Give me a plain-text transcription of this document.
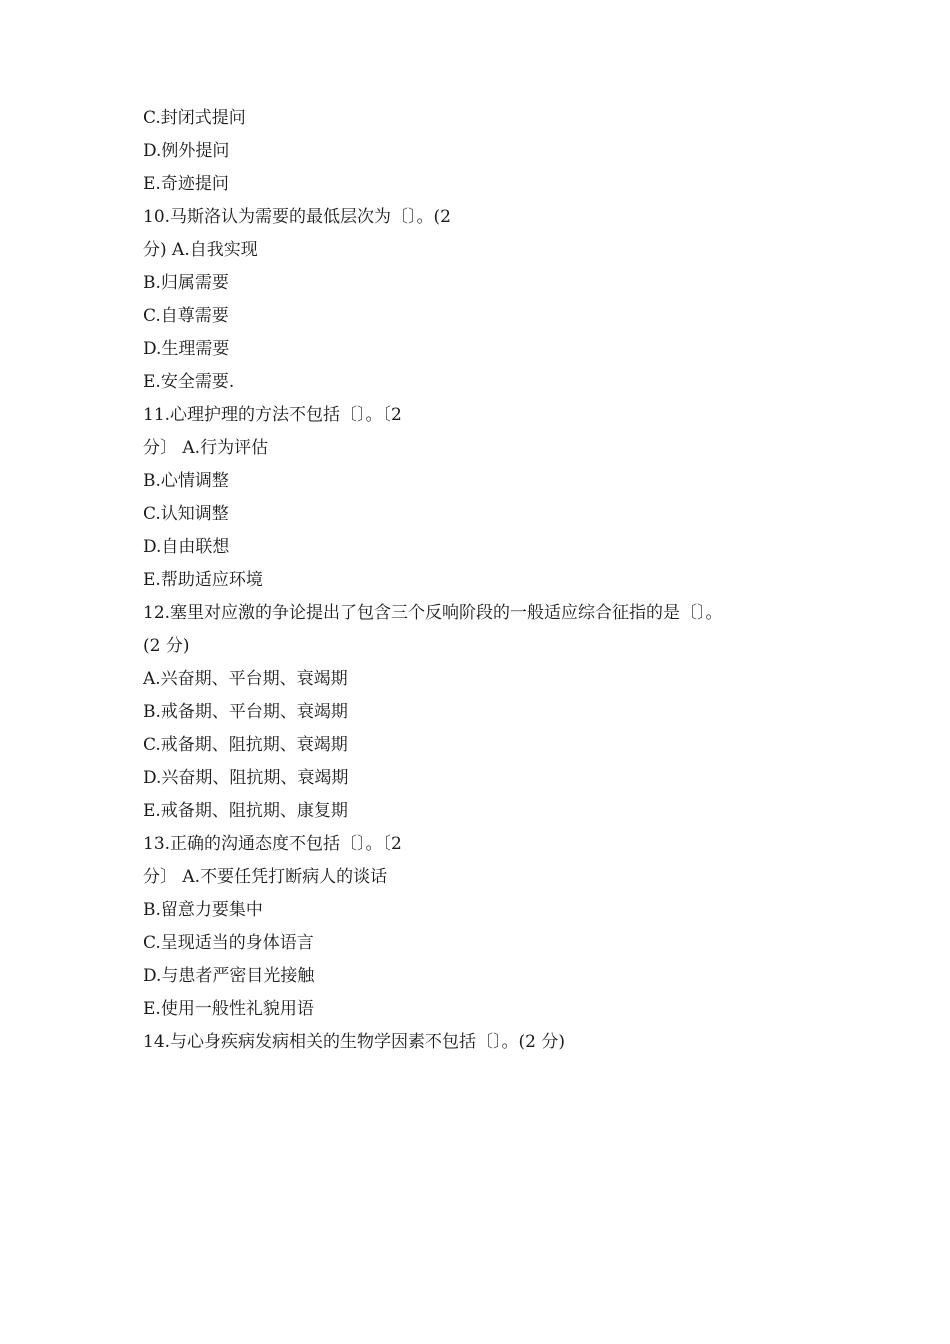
C.封闭式提问
D.例外提问
E.奇迹提问
10.马斯洛认为需要的最低层次为〔〕。(2
分) A.自我实现
B.归属需要
C.自尊需要
D.生理需要
E.安全需要.
11.心理护理的方法不包括〔〕。〔2
分〕 A.行为评估
B.心情调整
C.认知调整
D.自由联想
E.帮助适应环境
12.塞里对应激的争论提出了包含三个反响阶段的一般适应综合征指的是〔〕。
(2 分)
A.兴奋期、平台期、衰竭期
B.戒备期、平台期、衰竭期
C.戒备期、阻抗期、衰竭期
D.兴奋期、阻抗期、衰竭期
E.戒备期、阻抗期、康复期
13.正确的沟通态度不包括〔〕。〔2
分〕 A.不要任凭打断病人的谈话
B.留意力要集中
C.呈现适当的身体语言
D.与患者严密目光接触
E.使用一般性礼貌用语
14.与心身疾病发病相关的生物学因素不包括〔〕。(2 分)
